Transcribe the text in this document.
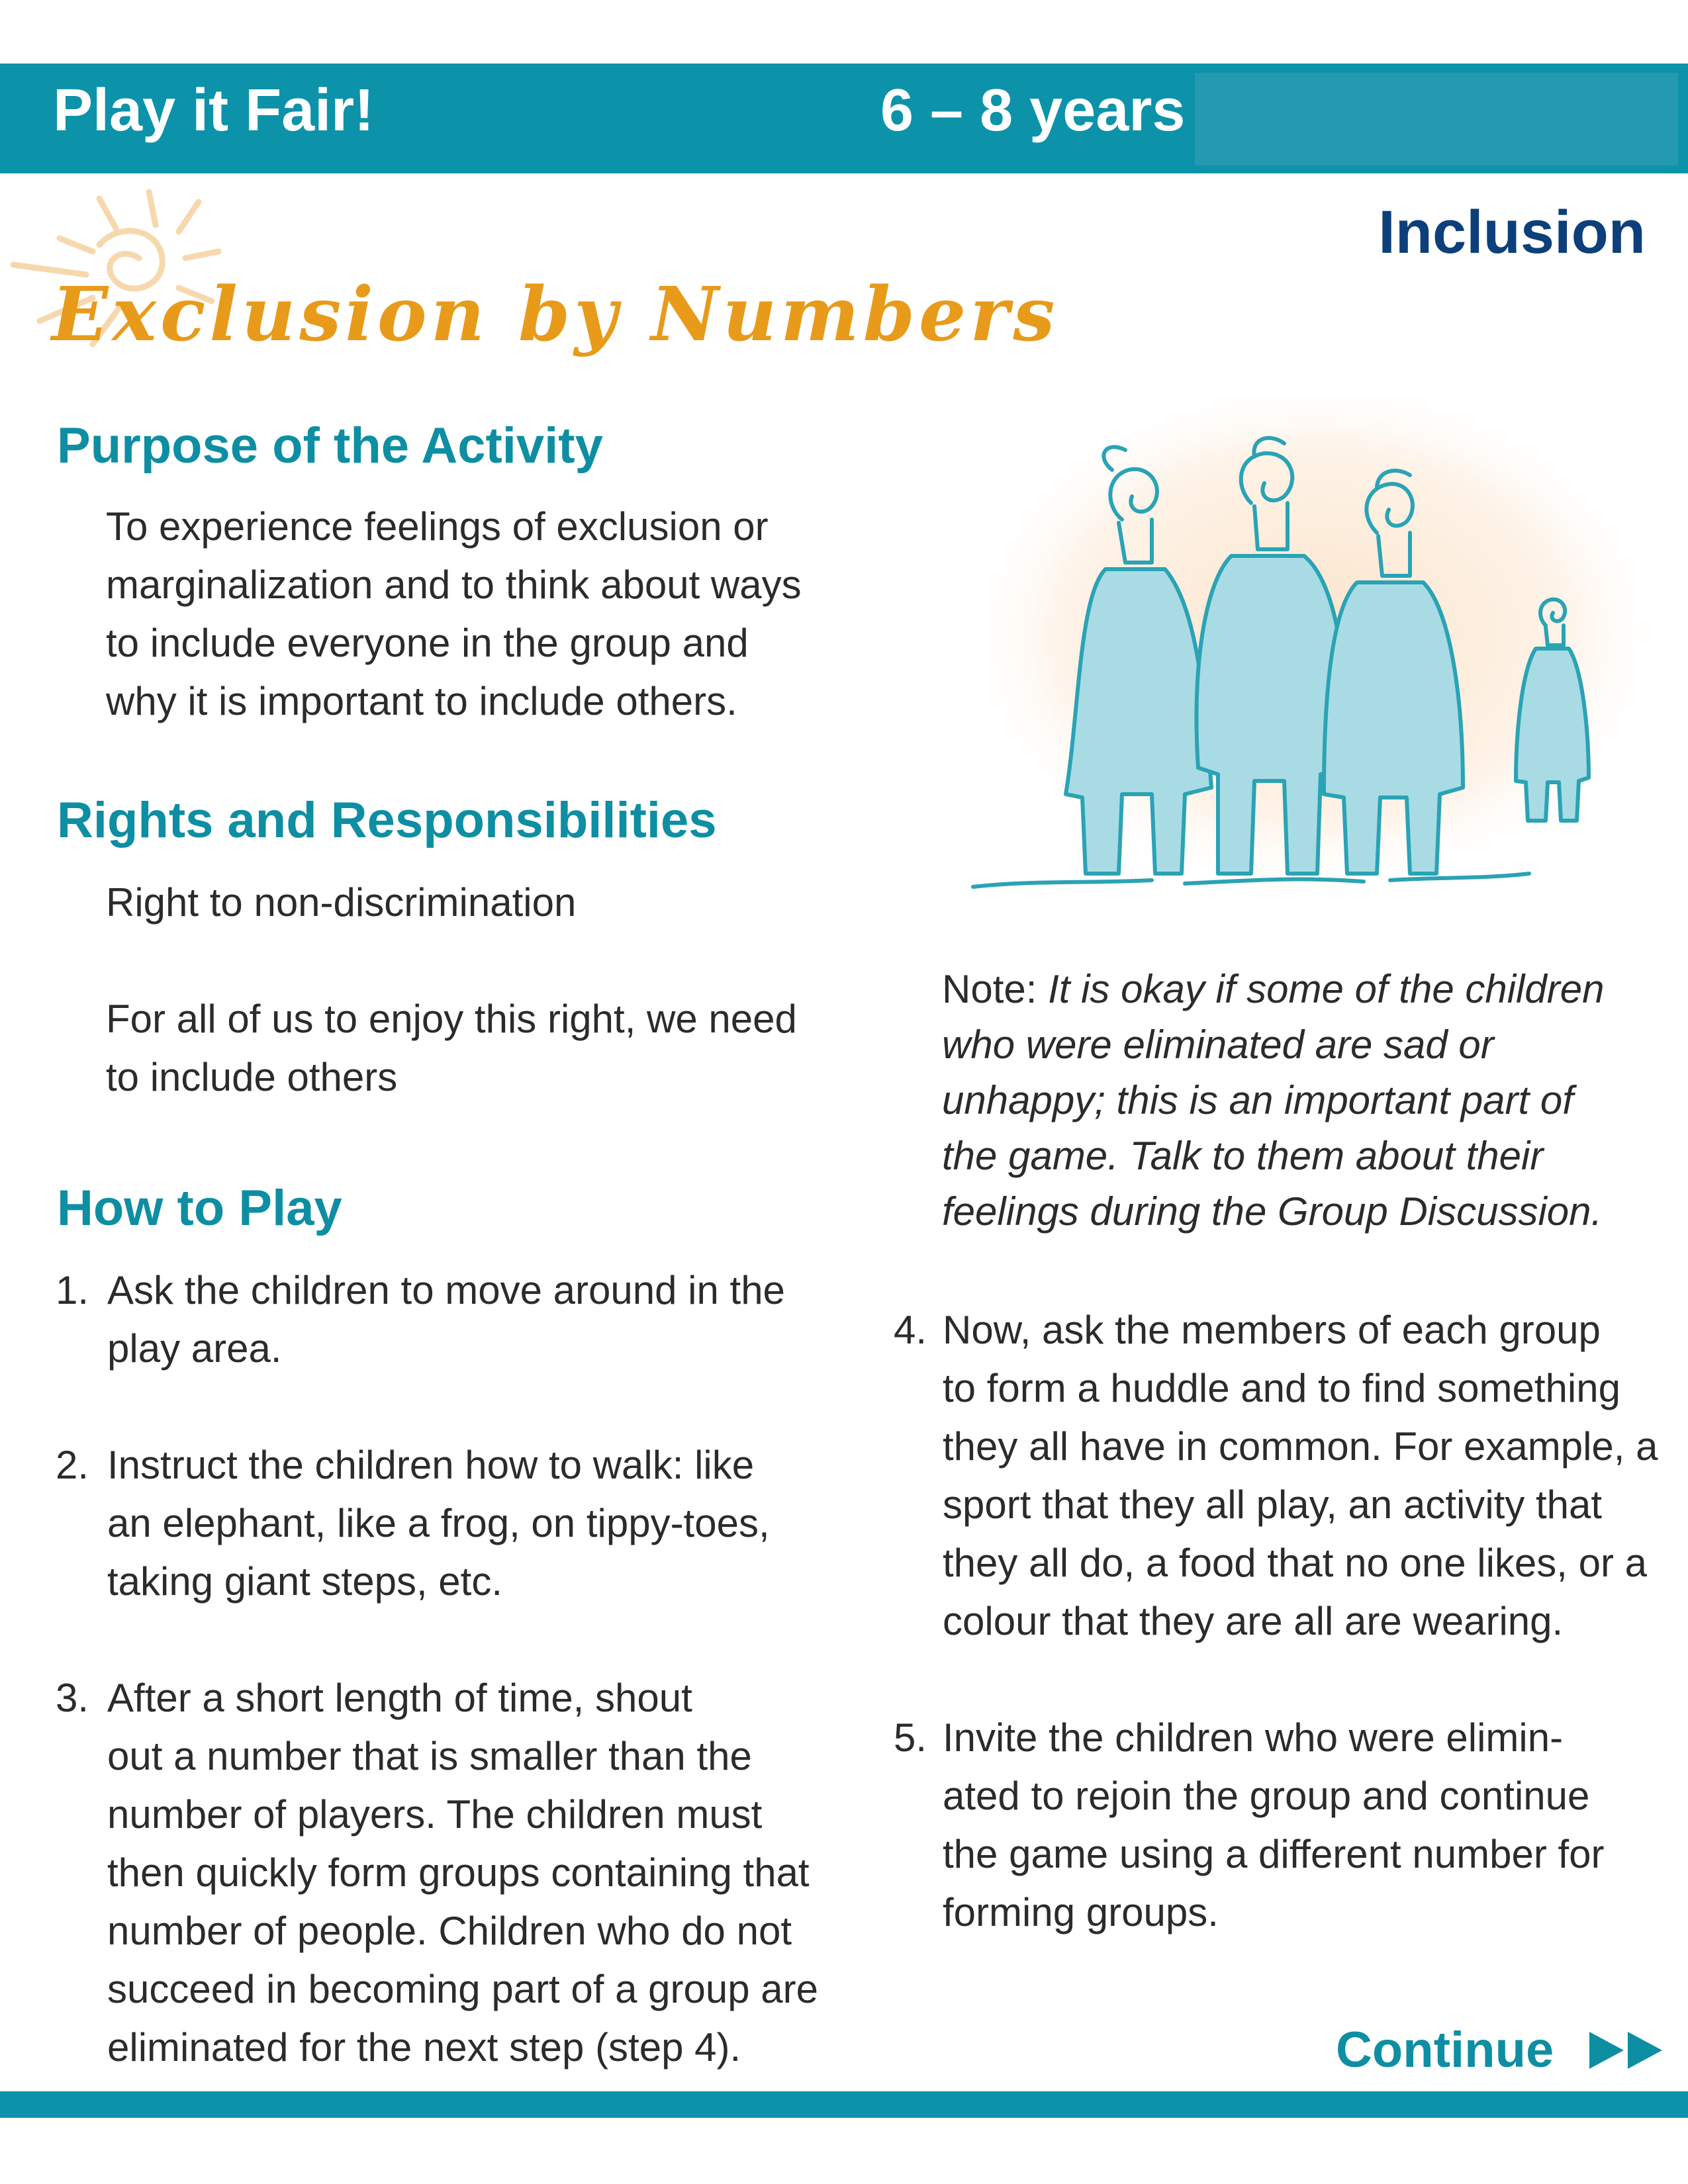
Play it Fair!	6 – 8 years
Inclusion
Exclusion by Numbers
Purpose of the Activity
To experience feelings of exclusion or
marginalization and to think about ways
to include everyone in the group and
why it is important to include others.
Rights and Responsibilities
Right to non-discrimination
For all of us to enjoy this right, we need
to include others
How to Play
1. Ask the children to move around in the
play area.
2. Instruct the children how to walk: like
an elephant, like a frog, on tippy-toes,
taking giant steps, etc.
3. After a short length of time, shout
out a number that is smaller than the
number of players. The children must
then quickly form groups containing that
number of people. Children who do not
succeed in becoming part of a group are
eliminated for the next step (step 4).
Note: It is okay if some of the children
who were eliminated are sad or
unhappy; this is an important part of
the game. Talk to them about their
feelings during the Group Discussion.
4. Now, ask the members of each group
to form a huddle and to find something
they all have in common. For example, a
sport that they all play, an activity that
they all do, a food that no one likes, or a
colour that they are all are wearing.
5. Invite the children who were elimin-
ated to rejoin the group and continue
the game using a different number for
forming groups.
Continue
